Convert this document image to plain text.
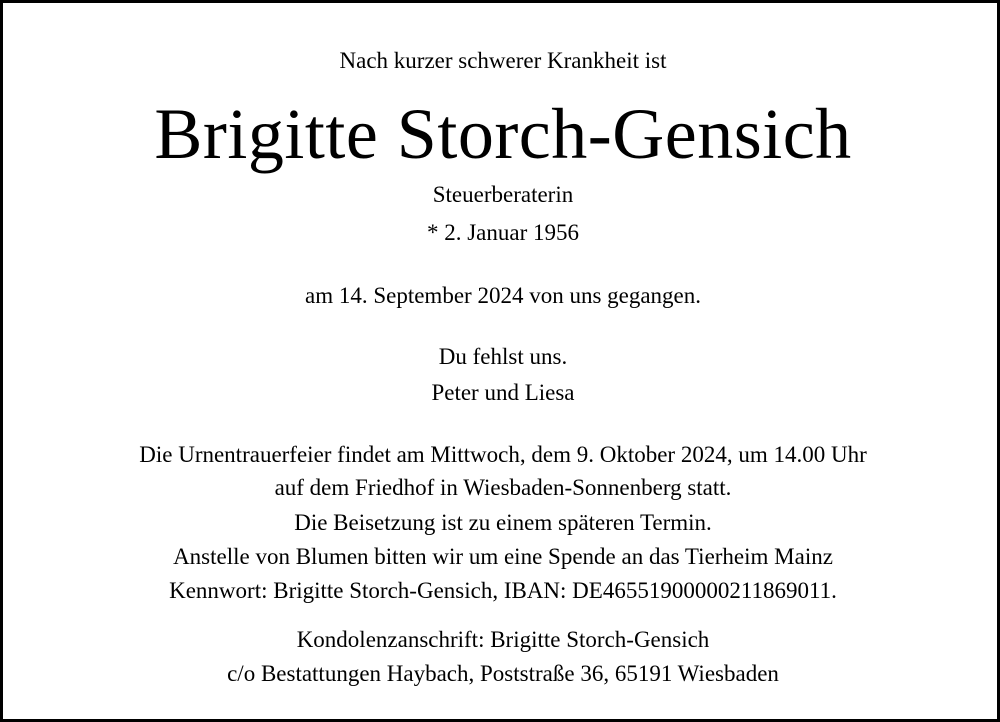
Nach kurzer schwerer Krankheit ist
Brigitte Storch-Gensich
Steuerberaterin
* 2. Januar 1956
am 14. September 2024 von uns gegangen.
Du fehlst uns.
Peter und Liesa
Die Urnentrauerfeier findet am Mittwoch, dem 9. Oktober 2024, um 14.00 Uhr
auf dem Friedhof in Wiesbaden-Sonnenberg statt.
Die Beisetzung ist zu einem späteren Termin.
Anstelle von Blumen bitten wir um eine Spende an das Tierheim Mainz
Kennwort: Brigitte Storch-Gensich, IBAN: DE46551900000211869011.
Kondolenzanschrift: Brigitte Storch-Gensich
c/o Bestattungen Haybach, Poststraße 36, 65191 Wiesbaden
